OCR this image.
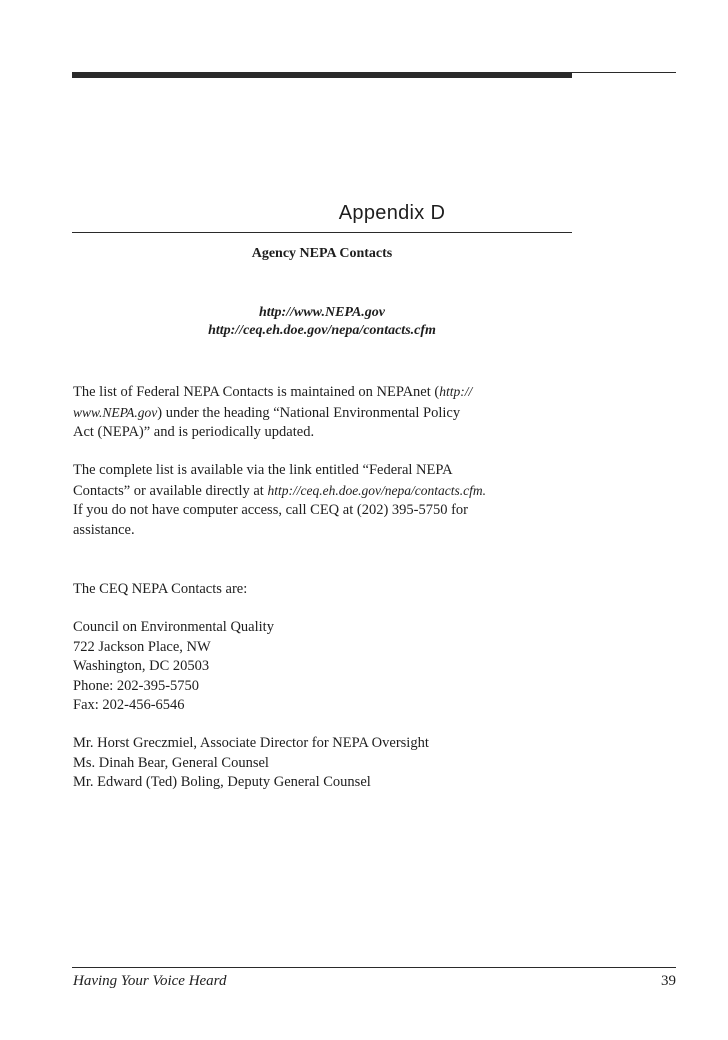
Appendix D
Agency NEPA Contacts
http://www.NEPA.gov
http://ceq.eh.doe.gov/nepa/contacts.cfm
The list of Federal NEPA Contacts is maintained on NEPAnet (http://
www.NEPA.gov) under the heading “National Environmental Policy
Act (NEPA)” and is periodically updated.
The complete list is available via the link entitled “Federal NEPA
Contacts” or available directly at http://ceq.eh.doe.gov/nepa/contacts.cfm.
If you do not have computer access, call CEQ at (202) 395-5750 for
assistance.
The CEQ NEPA Contacts are:
Council on Environmental Quality
722 Jackson Place, NW
Washington, DC 20503
Phone: 202-395-5750
Fax: 202-456-6546
Mr. Horst Greczmiel, Associate Director for NEPA Oversight
Ms. Dinah Bear, General Counsel
Mr. Edward (Ted) Boling, Deputy General Counsel
Having Your Voice Heard	39
